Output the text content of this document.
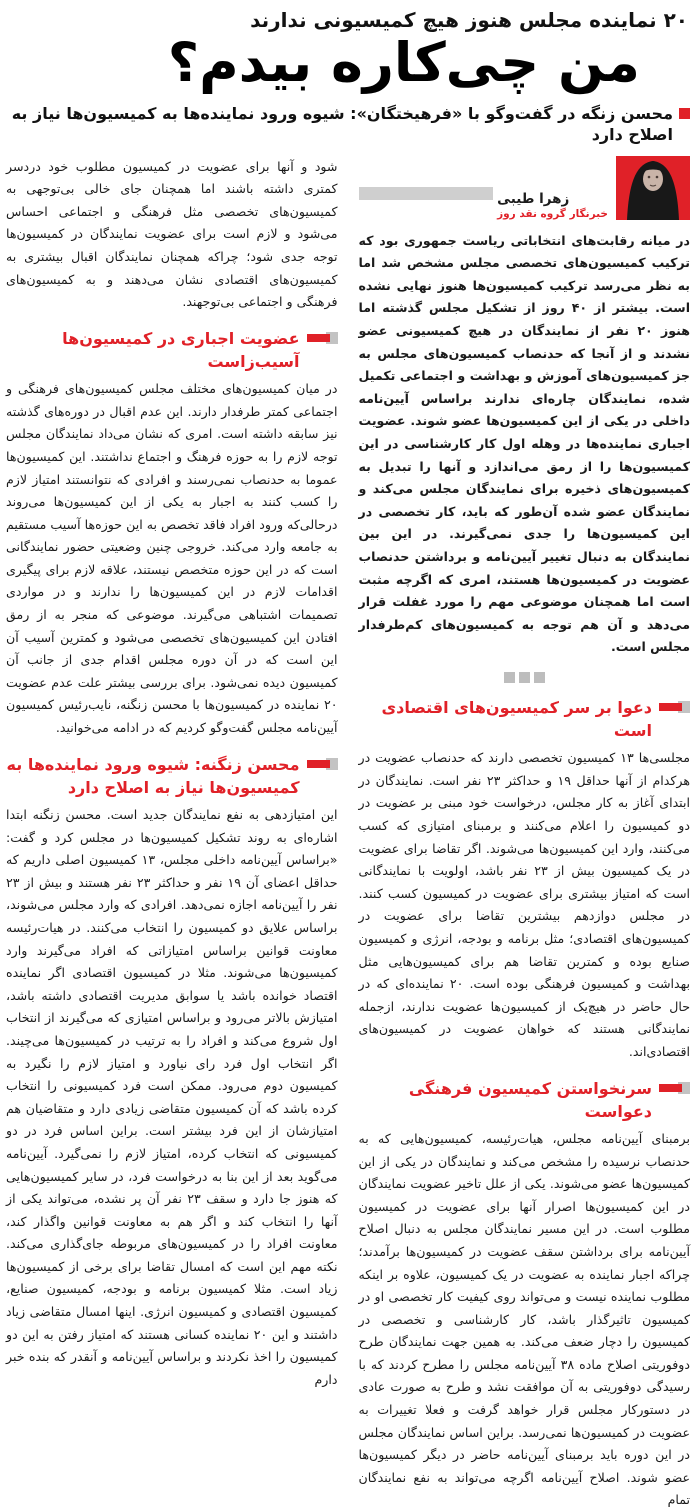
۲۰ نماینده مجلس هنوز هیچ کمیسیونی ندارند
من چی‌کاره بیدم؟
محسن زنگه در گفت‌وگو با «فرهیختگان»: شیوه ورود نماینده‌ها به کمیسیون‌ها نیاز به اصلاح دارد
زهرا طیبی
خبرنگار گروه نقد روز

در میانه رقابت‌های انتخاباتی ریاست جمهوری بود که ترکیب کمیسیون‌های تخصصی مجلس مشخص شد اما به نظر می‌رسد ترکیب کمیسیون‌ها هنوز نهایی نشده است. بیشتر از ۴۰ روز از تشکیل مجلس گذشته اما هنوز ۲۰ نفر از نمایندگان در هیچ کمیسیونی عضو نشدند و از آنجا که حدنصاب کمیسیون‌های مجلس به جز کمیسیون‌های آموزش و بهداشت و اجتماعی تکمیل شده، نمایندگان چاره‌ای ندارند براساس آیین‌نامه داخلی در یکی از این کمیسیون‌ها عضو شوند. عضویت اجباری نماینده‌ها در وهله اول کار کارشناسی در این کمیسیون‌ها را از رمق می‌اندازد و آنها را تبدیل به کمیسیون‌های ذخیره برای نمایندگان مجلس می‌کند و نمایندگان عضو شده آن‌طور که باید، کار تخصصی در این کمیسیون‌ها را جدی نمی‌گیرند. در این بین نمایندگان به دنبال تغییر آیین‌نامه و برداشتن حدنصاب عضویت در کمیسیون‌ها هستند، امری که اگرچه مثبت است اما همچنان موضوعی مهم را مورد غفلت قرار می‌دهد و آن هم توجه به کمیسیون‌های کم‌طرفدار مجلس است.

دعوا بر سر کمیسیون‌های اقتصادی است

مجلسی‌ها ۱۳ کمیسیون تخصصی دارند که حدنصاب عضویت در هرکدام از آنها حداقل ۱۹ و حداکثر ۲۳ نفر است. نمایندگان در ابتدای آغاز به کار مجلس، درخواست خود مبنی بر عضویت در دو کمیسیون را اعلام می‌کنند و برمبنای امتیازی که کسب می‌کنند، وارد این کمیسیون‌ها می‌شوند. اگر تقاضا برای عضویت در یک کمیسیون بیش از ۲۳ نفر باشد، اولویت با نمایندگانی است که امتیاز بیشتری برای عضویت در کمیسیون کسب کنند. در مجلس دوازدهم بیشترین تقاضا برای عضویت در کمیسیون‌های اقتصادی؛ مثل برنامه و بودجه، انرژی و کمیسیون صنایع بوده و کمترین تقاضا هم برای کمیسیون‌هایی مثل بهداشت و کمیسیون فرهنگی بوده است. ۲۰ نماینده‌ای که در حال حاضر در هیچ‌یک از کمیسیون‌ها عضویت ندارند، ازجمله نمایندگانی هستند که خواهان عضویت در کمیسیون‌های اقتصادی‌اند.

سرنخواستن کمیسیون فرهنگی دعواست

برمبنای آیین‌نامه مجلس، هیات‌رئیسه، کمیسیون‌هایی که به حدنصاب نرسیده را مشخص می‌کند و نمایندگان در یکی از این کمیسیون‌ها عضو می‌شوند. یکی از علل تاخیر عضویت نمایندگان در این کمیسیون‌ها اصرار آنها برای عضویت در کمیسیون مطلوب است. در این مسیر نمایندگان مجلس به دنبال اصلاح آیین‌نامه برای برداشتن سقف عضویت در کمیسیون‌ها برآمدند؛ چراکه اجبار نماینده به عضویت در یک کمیسیون، علاوه بر اینکه مطلوب نماینده نیست و می‌تواند روی کیفیت کار تخصصی او در کمیسیون تاثیرگذار باشد، کار کارشناسی و تخصصی در کمیسیون را دچار ضعف می‌کند. به همین جهت نمایندگان طرح دوفوریتی اصلاح ماده ۳۸ آیین‌نامه مجلس را مطرح کردند که با رسیدگی دوفوریتی به آن موافقت نشد و طرح به صورت عادی در دستورکار مجلس قرار خواهد گرفت و فعلا تغییرات به عضویت در کمیسیون‌ها نمی‌رسد. براین اساس نمایندگان مجلس در این دوره باید برمبنای آیین‌نامه حاضر در دیگر کمیسیون‌ها عضو شوند. اصلاح آیین‌نامه اگرچه می‌تواند به نفع نمایندگان تمام

شود و آنها برای عضویت در کمیسیون مطلوب خود دردسر کمتری داشته باشند اما همچنان جای خالی بی‌توجهی به کمیسیون‌های تخصصی مثل فرهنگی و اجتماعی احساس می‌شود و لازم است برای عضویت نمایندگان در کمیسیون‌ها توجه جدی شود؛ چراکه همچنان نمایندگان اقبال بیشتری به کمیسیون‌های اقتصادی نشان می‌دهند و به کمیسیون‌های فرهنگی و اجتماعی بی‌توجهند.

عضویت اجباری در کمیسیون‌ها آسیب‌زاست

در میان کمیسیون‌های مختلف مجلس کمیسیون‌های فرهنگی و اجتماعی کمتر طرفدار دارند. این عدم اقبال در دوره‌های گذشته نیز سابقه داشته است. امری که نشان می‌داد نمایندگان مجلس توجه لازم را به حوزه فرهنگ و اجتماع نداشتند. این کمیسیون‌ها عموما به حدنصاب نمی‌رسند و افرادی که نتوانستند امتیاز لازم را کسب کنند به اجبار به یکی از این کمیسیون‌ها می‌روند درحالی‌که ورود افراد فاقد تخصص به این حوزه‌ها آسیب مستقیم به جامعه وارد می‌کند. خروجی چنین وضعیتی حضور نمایندگانی است که در این حوزه متخصص نیستند، علاقه لازم برای پیگیری اقدامات لازم در این کمیسیون‌ها را ندارند و در مواردی تصمیمات اشتباهی می‌گیرند. موضوعی که منجر به از رمق افتادن این کمیسیون‌های تخصصی می‌شود و کمترین آسیب آن این است که در آن دوره مجلس اقدام جدی از جانب آن کمیسیون دیده نمی‌شود. برای بررسی بیشتر علت عدم عضویت ۲۰ نماینده در کمیسیون‌ها با محسن زنگنه، نایب‌رئیس کمیسیون آیین‌نامه مجلس گفت‌وگو کردیم که در ادامه می‌خوانید.

محسن زنگنه: شیوه ورود نماینده‌ها به کمیسیون‌ها نیاز به اصلاح دارد

این امتیازدهی به نفع نمایندگان جدید است. محسن زنگنه ابتدا اشاره‌ای به روند تشکیل کمیسیون‌ها در مجلس کرد و گفت: «براساس آیین‌نامه داخلی مجلس، ۱۳ کمیسیون اصلی داریم که حداقل اعضای آن ۱۹ نفر و حداکثر ۲۳ نفر هستند و بیش از ۲۳ نفر را آیین‌نامه اجازه نمی‌دهد. افرادی که وارد مجلس می‌شوند، براساس علایق دو کمیسیون را انتخاب می‌کنند. در هیات‌رئیسه معاونت قوانین براساس امتیازاتی که افراد می‌گیرند وارد کمیسیون‌ها می‌شوند. مثلا در کمیسیون اقتصادی اگر نماینده اقتصاد خوانده باشد یا سوابق مدیریت اقتصادی داشته باشد، امتیازش بالاتر می‌رود و براساس امتیازی که می‌گیرند از انتخاب اول شروع می‌کند و افراد را به ترتیب در کمیسیون‌ها می‌چیند. اگر انتخاب اول فرد رای نیاورد و امتیاز لازم را نگیرد به کمیسیون دوم می‌رود. ممکن است فرد کمیسیونی را انتخاب کرده باشد که آن کمیسیون متقاضی زیادی دارد و متقاضیان هم امتیازشان از این فرد بیشتر است. براین اساس فرد در دو کمیسیونی که انتخاب کرده، امتیاز لازم را نمی‌گیرد. آیین‌نامه می‌گوید بعد از این بنا به درخواست فرد، در سایر کمیسیون‌هایی که هنوز جا دارد و سقف ۲۳ نفر آن پر نشده، می‌تواند یکی از آنها را انتخاب کند و اگر هم به معاونت قوانین واگذار کند، معاونت افراد را در کمیسیون‌های مربوطه جای‌گذاری می‌کند. نکته مهم این است که امسال تقاضا برای برخی از کمیسیون‌ها زیاد است. مثلا کمیسیون برنامه و بودجه، کمیسیون صنایع، کمیسیون اقتصادی و کمیسیون انرژی. اینها امسال متقاضی زیاد داشتند و این ۲۰ نماینده کسانی هستند که امتیاز رفتن به این دو کمیسیون را اخذ نکردند و براساس آیین‌نامه و آنقدر که بنده خبر دارم
